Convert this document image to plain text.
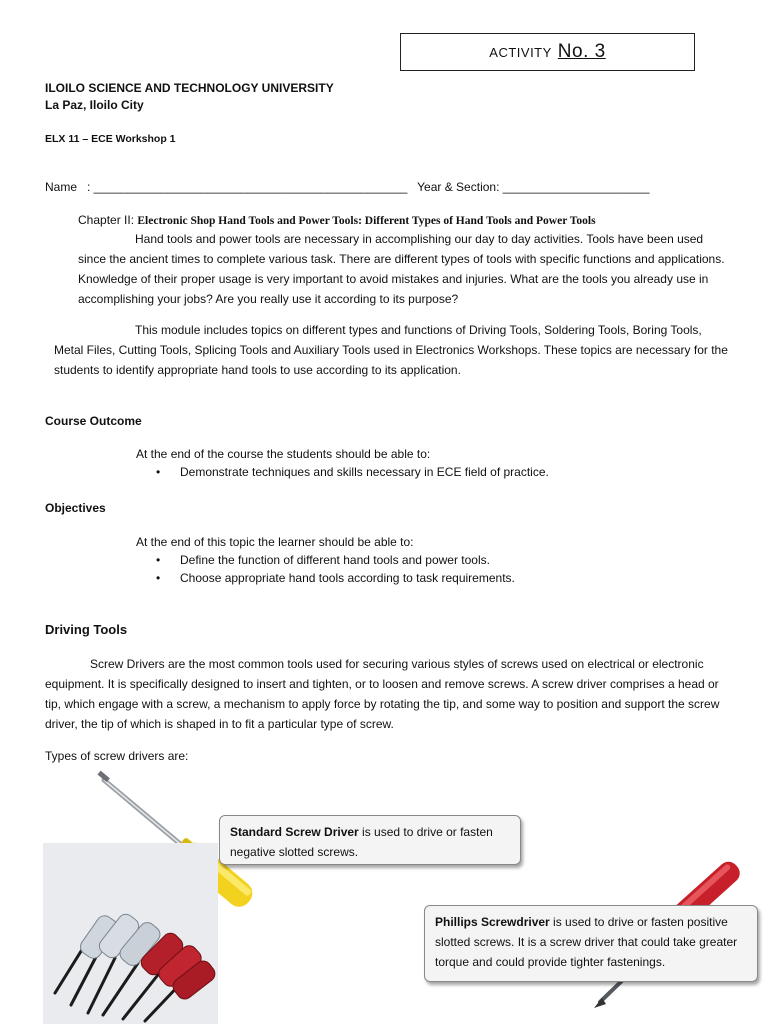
ACTIVITY No. 3
ILOILO SCIENCE AND TECHNOLOGY UNIVERSITY
La Paz, Iloilo City
ELX 11 – ECE Workshop 1
Name   : _______________________________________________   Year & Section: ______________________
Chapter II: Electronic Shop Hand Tools and Power Tools: Different Types of Hand Tools and Power Tools
Hand tools and power tools are necessary in accomplishing our day to day activities. Tools have been used since the ancient times to complete various task. There are different types of tools with specific functions and applications. Knowledge of their proper usage is very important to avoid mistakes and injuries. What are the tools you already use in accomplishing your jobs? Are you really use it according to its purpose?
This module includes topics on different types and functions of Driving Tools, Soldering Tools, Boring Tools, Metal Files, Cutting Tools, Splicing Tools and Auxiliary Tools used in Electronics Workshops. These topics are necessary for the students to identify appropriate hand tools to use according to its application.
Course Outcome
At the end of the course the students should be able to:
•	Demonstrate techniques and skills necessary in ECE field of practice.
Objectives
At the end of this topic the learner should be able to:
•	Define the function of different hand tools and power tools.
•	Choose appropriate hand tools according to task requirements.
Driving Tools
Screw Drivers are the most common tools used for securing various styles of screws used on electrical or electronic equipment. It is specifically designed to insert and tighten, or to loosen and remove screws. A screw driver comprises a head or tip, which engage with a screw, a mechanism to apply force by rotating the tip, and some way to position and support the screw driver, the tip of which is shaped in to fit a particular type of screw.
Types of screw drivers are:
Standard Screw Driver is used to drive or fasten negative slotted screws.
Phillips Screwdriver is used to drive or fasten positive slotted screws. It is a screw driver that could take greater torque and could provide tighter fastenings.
